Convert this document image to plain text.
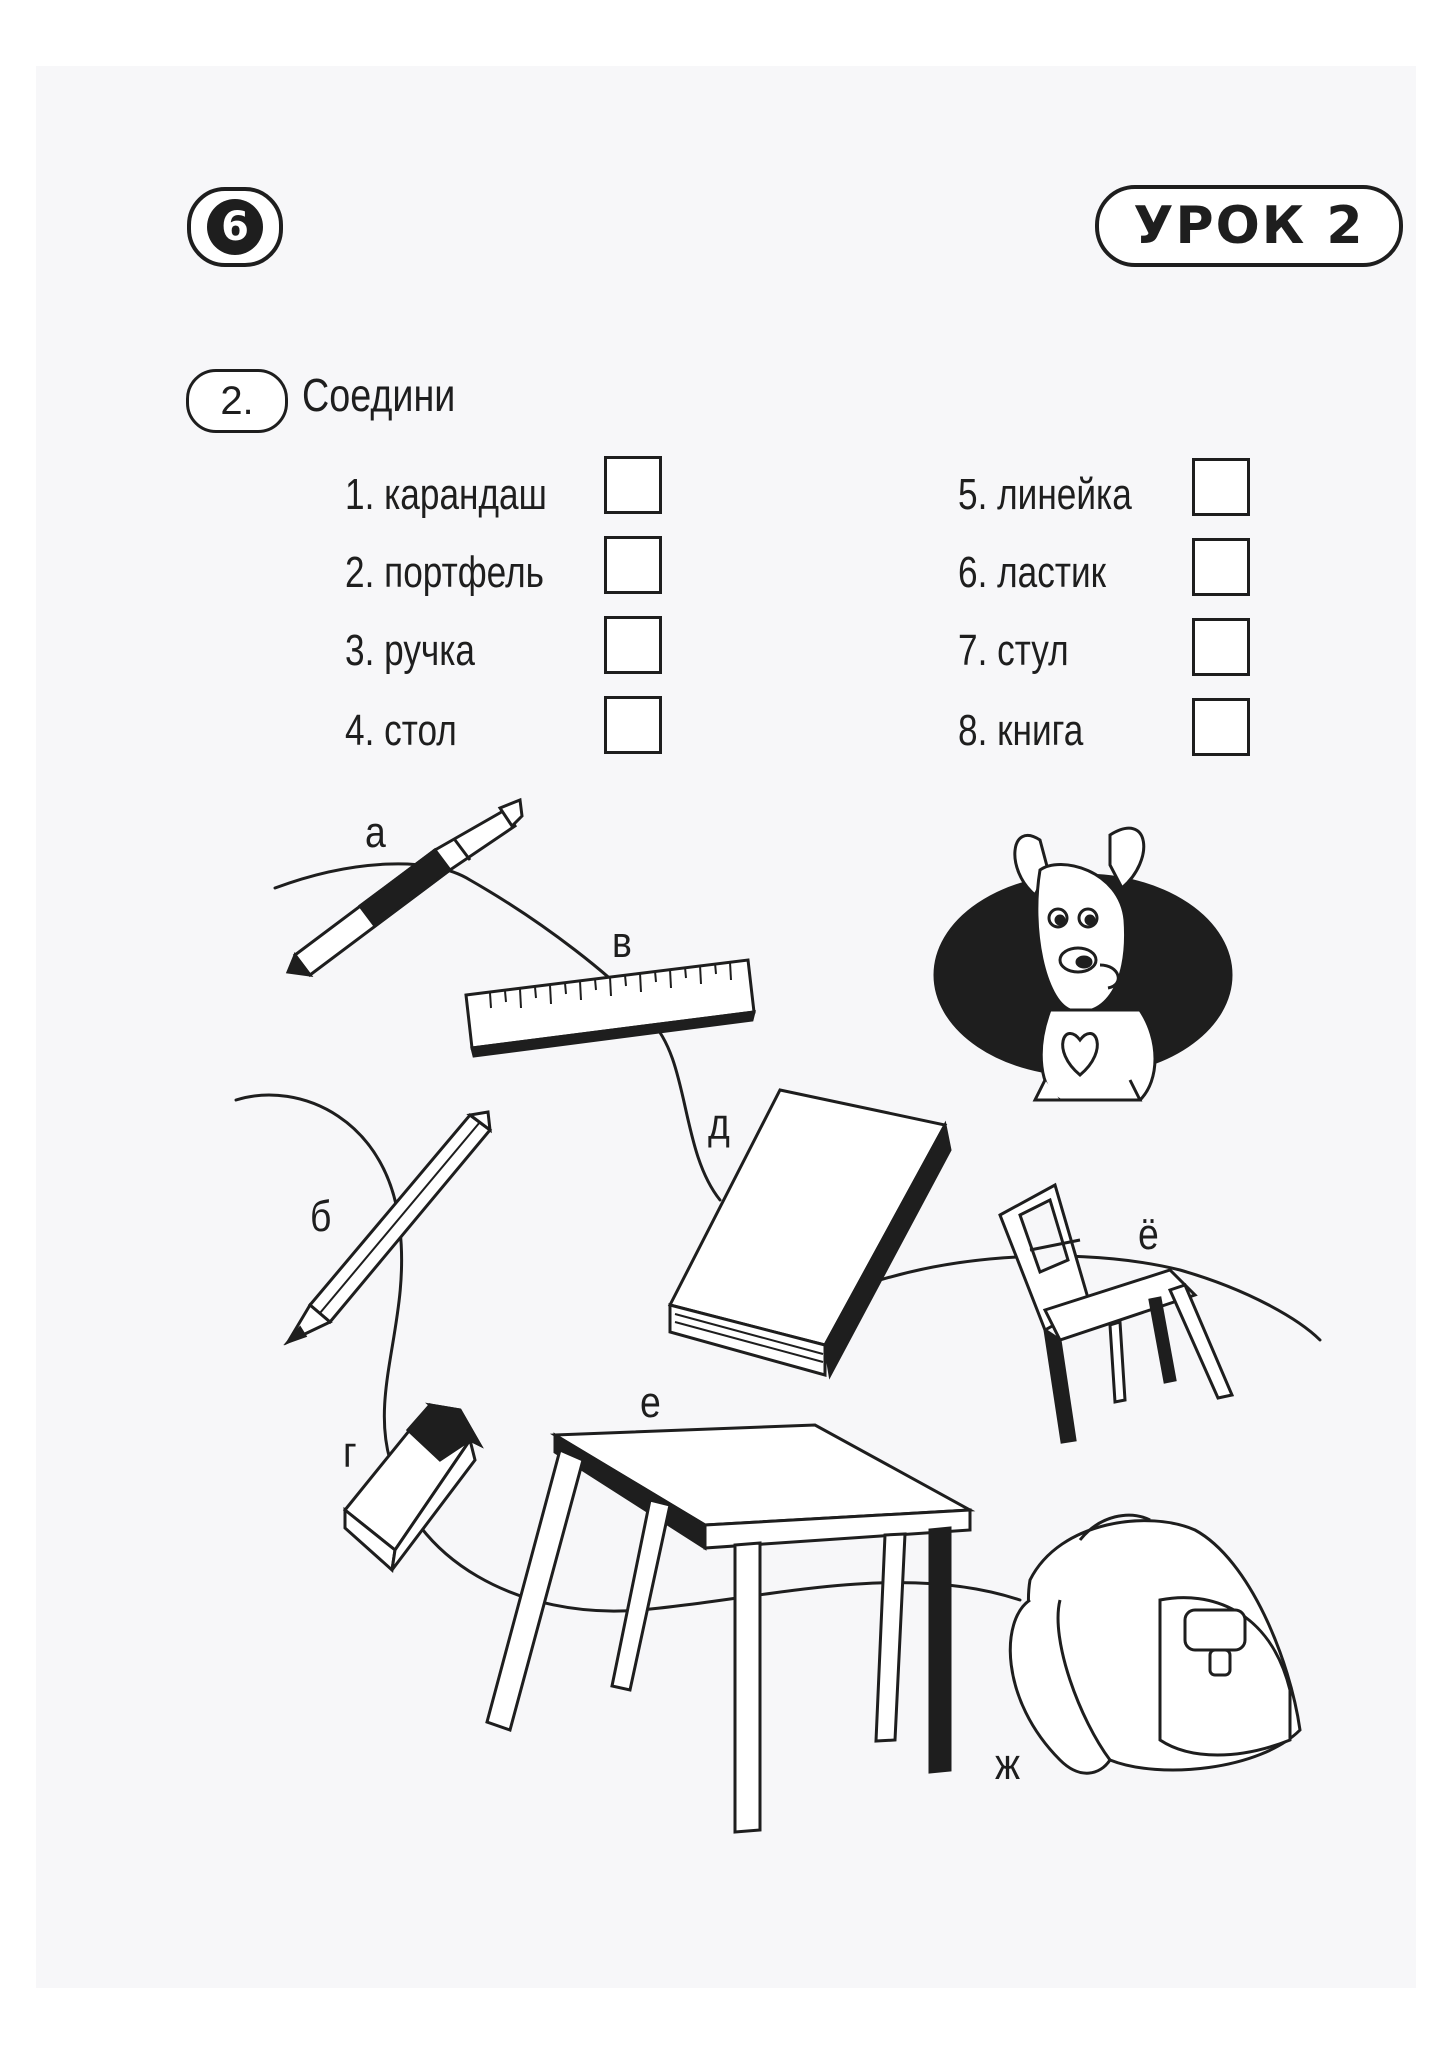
6	УРОК 2
2.	Соедини
1. карандаш
2. портфель
3. ручка
4. стол
5. линейка
6. ластик
7. стул
8. книга
а
в
д
б	ё
е
г
ж
